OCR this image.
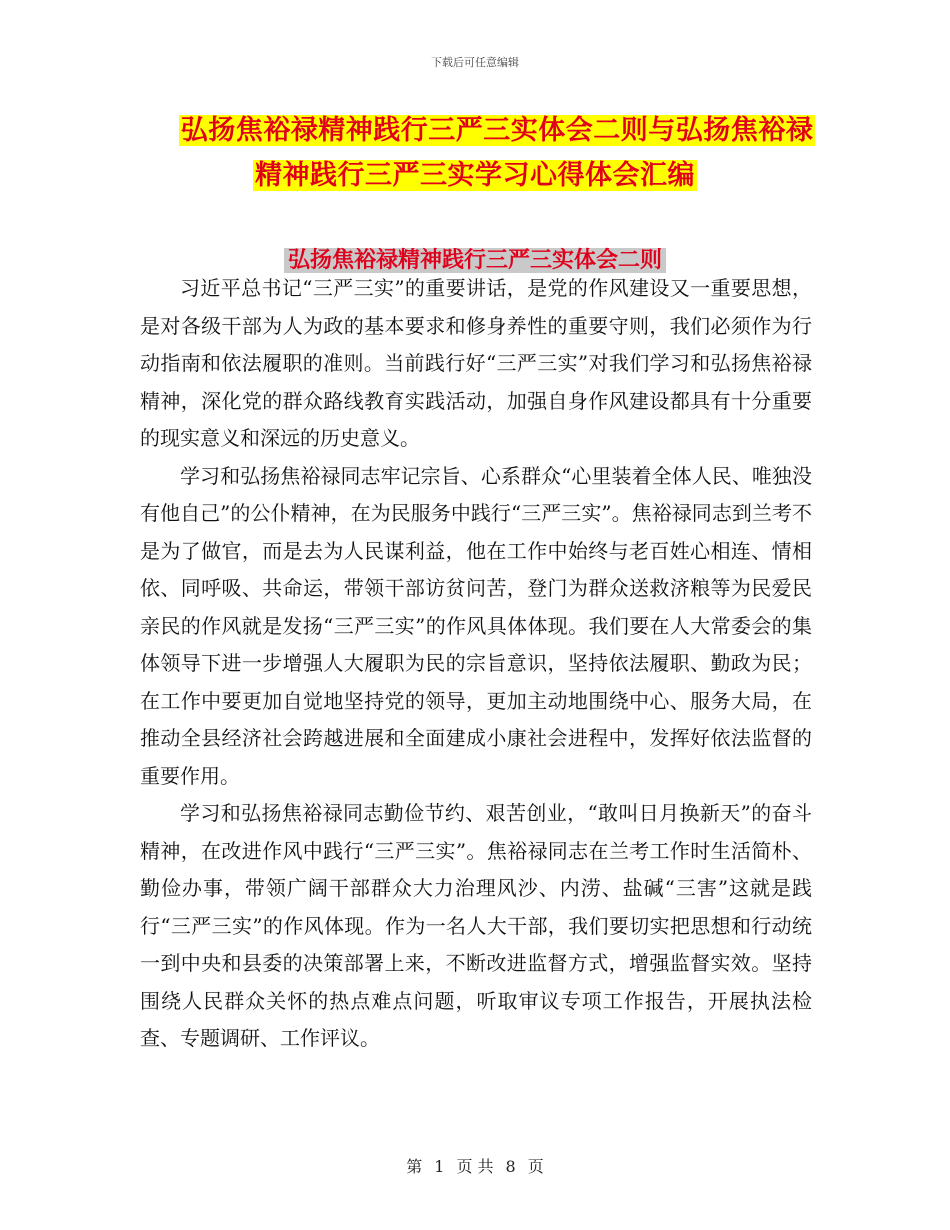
下载后可任意编辑
弘扬焦裕禄精神践行三严三实体会二则与弘扬焦裕禄
精神践行三严三实学习心得体会汇编
弘扬焦裕禄精神践行三严三实体会二则

习近平总书记“三严三实”的重要讲话，是党的作风建设又一重要思想，是对各级干部为人为政的基本要求和修身养性的重要守则，我们必须作为行动指南和依法履职的准则。当前践行好“三严三实”对我们学习和弘扬焦裕禄精神，深化党的群众路线教育实践活动，加强自身作风建设都具有十分重要的现实意义和深远的历史意义。

学习和弘扬焦裕禄同志牢记宗旨、心系群众“心里装着全体人民、唯独没有他自己”的公仆精神，在为民服务中践行“三严三实”。焦裕禄同志到兰考不是为了做官，而是去为人民谋利益，他在工作中始终与老百姓心相连、情相依、同呼吸、共命运，带领干部访贫问苦，登门为群众送救济粮等为民爱民亲民的作风就是发扬“三严三实”的作风具体体现。我们要在人大常委会的集体领导下进一步增强人大履职为民的宗旨意识，坚持依法履职、勤政为民；在工作中要更加自觉地坚持党的领导，更加主动地围绕中心、服务大局，在推动全县经济社会跨越进展和全面建成小康社会进程中，发挥好依法监督的重要作用。

学习和弘扬焦裕禄同志勤俭节约、艰苦创业，“敢叫日月换新天”的奋斗精神，在改进作风中践行“三严三实”。焦裕禄同志在兰考工作时生活简朴、勤俭办事，带领广阔干部群众大力治理风沙、内涝、盐碱“三害”这就是践行“三严三实”的作风体现。作为一名人大干部，我们要切实把思想和行动统一到中央和县委的决策部署上来，不断改进监督方式，增强监督实效。坚持围绕人民群众关怀的热点难点问题，听取审议专项工作报告，开展执法检查、专题调研、工作评议。

第 1 页 共 8 页
